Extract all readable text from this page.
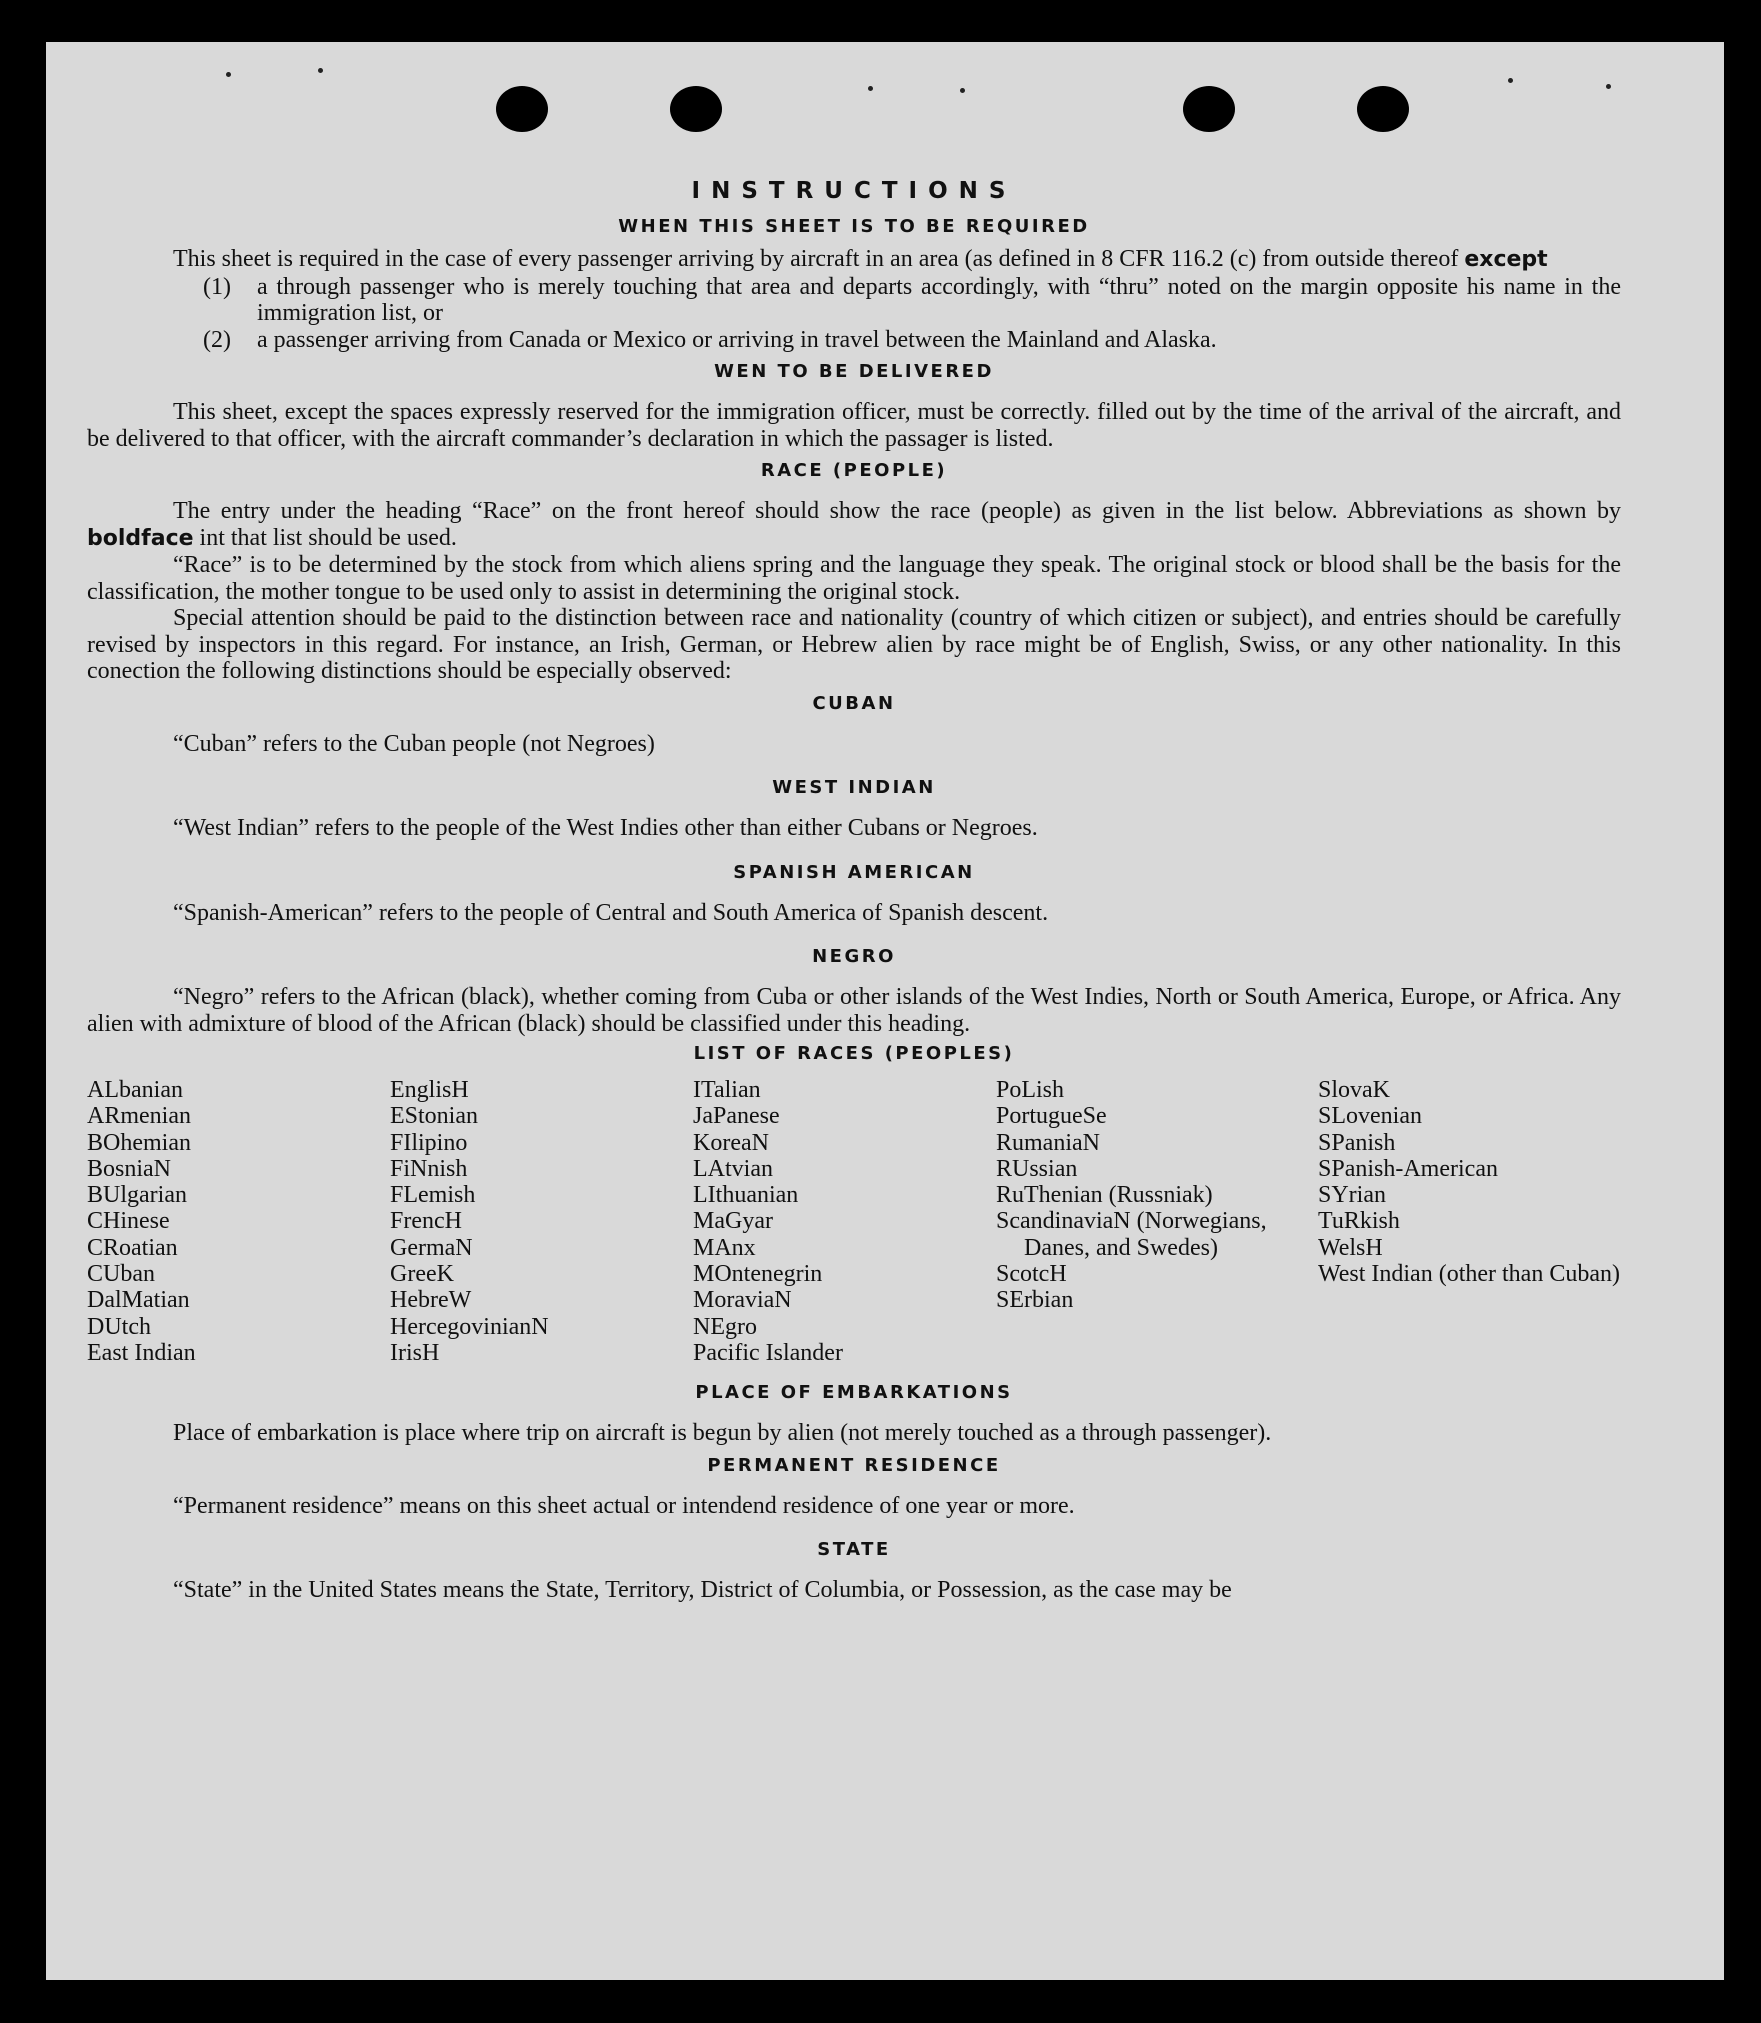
INSTRUCTIONS
WHEN THIS SHEET IS TO BE REQUIRED

This sheet is required in the case of every passenger arriving by aircraft in an area (as defined in 8 CFR 116.2 (c) from outside thereof except

(1)	a through passenger who is merely touching that area and departs accordingly, with “thru” noted on the margin opposite his name in the immigration list, or
(2)	a passenger arriving from Canada or Mexico or arriving in travel between the Mainland and Alaska.
WEN TO BE DELIVERED

This sheet, except the spaces expressly reserved for the immigration officer, must be correctly. filled out by the time of the arrival of the aircraft, and be delivered to that officer, with the aircraft commander’s declaration in which the passager is listed.

RACE (PEOPLE)

The entry under the heading “Race” on the front hereof should show the race (people) as given in the list below. Abbreviations as shown by boldface int that list should be used.

“Race” is to be determined by the stock from which aliens spring and the language they speak. The original stock or blood shall be the basis for the classification, the mother tongue to be used only to assist in determining the original stock.

Special attention should be paid to the distinction between race and nationality (country of which citizen or subject), and entries should be carefully revised by inspectors in this regard. For instance, an Irish, German, or Hebrew alien by race might be of English, Swiss, or any other nationality. In this conection the following distinctions should be especially observed:

CUBAN

“Cuban” refers to the Cuban people (not Negroes)

WEST INDIAN

“West Indian” refers to the people of the West Indies other than either Cubans or Negroes.

SPANISH AMERICAN

“Spanish-American” refers to the people of Central and South America of Spanish descent.

NEGRO

“Negro” refers to the African (black), whether coming from Cuba or other islands of the West Indies, North or South America, Europe, or Africa. Any alien with admixture of blood of the African (black) should be classified under this heading.

LIST OF RACES (PEOPLES)
ALbanian
ARmenian
BOhemian
BosniaN
BUlgarian
CHinese
CRoatian
CUban
DalMatian
DUtch
East Indian
EnglisH
EStonian
FIlipino
FiNnish
FLemish
FrencH
GermaN
GreeK
HebreW
HercegovinianN
IrisH
ITalian
JaPanese
KoreaN
LAtvian
LIthuanian
MaGyar
MAnx
MOntenegrin
MoraviaN
NEgro
Pacific Islander
PoLish
PortugueSe
RumaniaN
RUssian
RuThenian (Russniak)
ScandinaviaN (Norwegians, Danes, and Swedes)
ScotcH
SErbian
SlovaK
SLovenian
SPanish
SPanish-American
SYrian
TuRkish
WelsH
West Indian (other than Cuban)
PLACE OF EMBARKATIONS

Place of embarkation is place where trip on aircraft is begun by alien (not merely touched as a through passenger).

PERMANENT RESIDENCE

“Permanent residence” means on this sheet actual or intendend residence of one year or more.

STATE

“State” in the United States means the State, Territory, District of Columbia, or Possession, as the case may be
